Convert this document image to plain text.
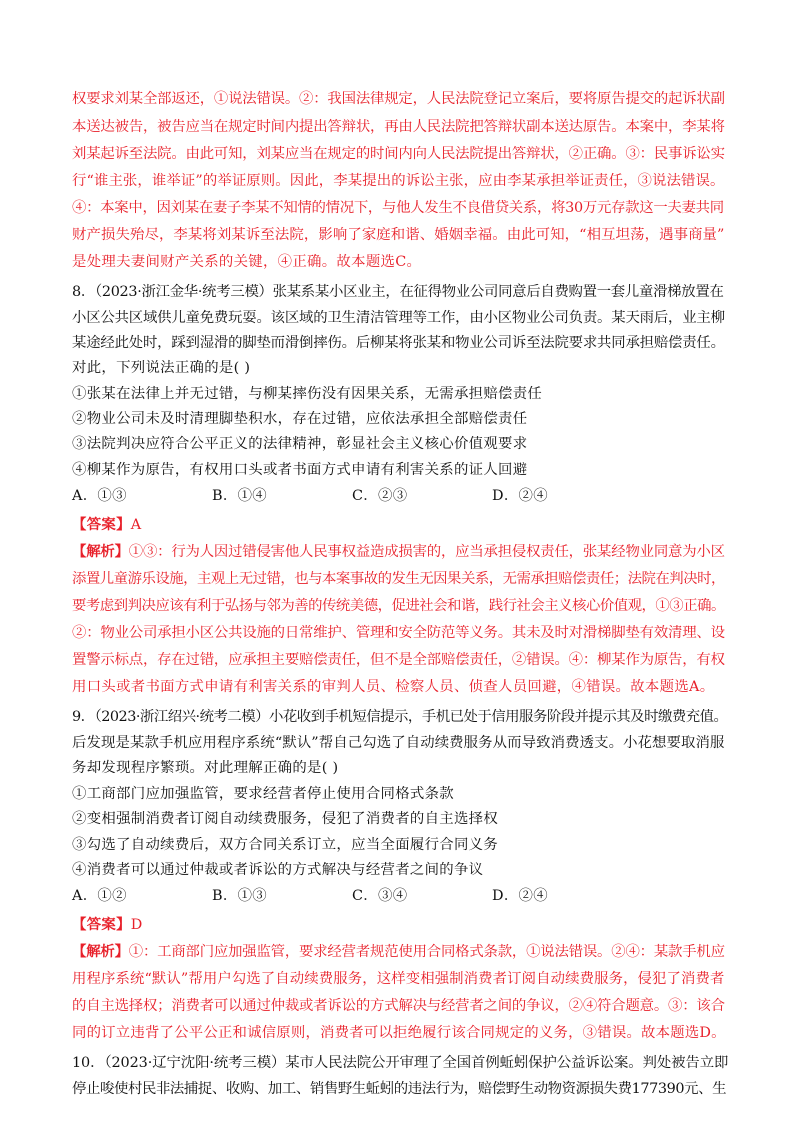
权要求刘某全部返还，①说法错误。②：我国法律规定，人民法院登记立案后，要将原告提交的起诉状副
本送达被告，被告应当在规定时间内提出答辩状，再由人民法院把答辩状副本送达原告。本案中，李某将
刘某起诉至法院。由此可知，刘某应当在规定的时间内向人民法院提出答辩状，②正确。③：民事诉讼实
行“谁主张，谁举证”的举证原则。因此，李某提出的诉讼主张，应由李某承担举证责任，③说法错误。
④：本案中，因刘某在妻子李某不知情的情况下，与他人发生不良借贷关系，将30万元存款这一夫妻共同
财产损失殆尽，李某将刘某诉至法院，影响了家庭和谐、婚姻幸福。由此可知，“相互坦荡，遇事商量”
是处理夫妻间财产关系的关键，④正确。故本题选C。
8．（2023·浙江金华·统考三模）张某系某小区业主，在征得物业公司同意后自费购置一套儿童滑梯放置在
小区公共区域供儿童免费玩耍。该区域的卫生清洁管理等工作，由小区物业公司负责。某天雨后，业主柳
某途经此处时，踩到湿滑的脚垫而滑倒摔伤。后柳某将张某和物业公司诉至法院要求共同承担赔偿责任。
对此，下列说法正确的是( )
①张某在法律上并无过错，与柳某摔伤没有因果关系，无需承担赔偿责任
②物业公司未及时清理脚垫积水，存在过错，应依法承担全部赔偿责任
③法院判决应符合公平正义的法律精神，彰显社会主义核心价值观要求
④柳某作为原告，有权用口头或者书面方式申请有利害关系的证人回避
A．①③	B．①④	C．②③	D．②④
【答案】A
【解析】①③：行为人因过错侵害他人民事权益造成损害的，应当承担侵权责任，张某经物业同意为小区
添置儿童游乐设施，主观上无过错，也与本案事故的发生无因果关系，无需承担赔偿责任；法院在判决时，
要考虑到判决应该有利于弘扬与邻为善的传统美德，促进社会和谐，践行社会主义核心价值观，①③正确。
②：物业公司承担小区公共设施的日常维护、管理和安全防范等义务。其未及时对滑梯脚垫有效清理、设
置警示标点，存在过错，应承担主要赔偿责任，但不是全部赔偿责任，②错误。④：柳某作为原告，有权
用口头或者书面方式申请有利害关系的审判人员、检察人员、侦查人员回避，④错误。故本题选A。
9．（2023·浙江绍兴·统考二模）小花收到手机短信提示，手机已处于信用服务阶段并提示其及时缴费充值。
后发现是某款手机应用程序系统“默认”帮自己勾选了自动续费服务从而导致消费透支。小花想要取消服
务却发现程序繁琐。对此理解正确的是( )
①工商部门应加强监管，要求经营者停止使用合同格式条款
②变相强制消费者订阅自动续费服务，侵犯了消费者的自主选择权
③勾选了自动续费后，双方合同关系订立，应当全面履行合同义务
④消费者可以通过仲裁或者诉讼的方式解决与经营者之间的争议
A．①②	B．①③	C．③④	D．②④
【答案】D
【解析】①：工商部门应加强监管，要求经营者规范使用合同格式条款，①说法错误。②④：某款手机应
用程序系统“默认”帮用户勾选了自动续费服务，这样变相强制消费者订阅自动续费服务，侵犯了消费者
的自主选择权；消费者可以通过仲裁或者诉讼的方式解决与经营者之间的争议，②④符合题意。③：该合
同的订立违背了公平公正和诚信原则，消费者可以拒绝履行该合同规定的义务，③错误。故本题选D。
10．（2023·辽宁沈阳·统考三模）某市人民法院公开审理了全国首例蚯蚓保护公益诉讼案。判处被告立即
停止唆使村民非法捕捉、收购、加工、销售野生蚯蚓的违法行为，赔偿野生动物资源损失费177390元、生
